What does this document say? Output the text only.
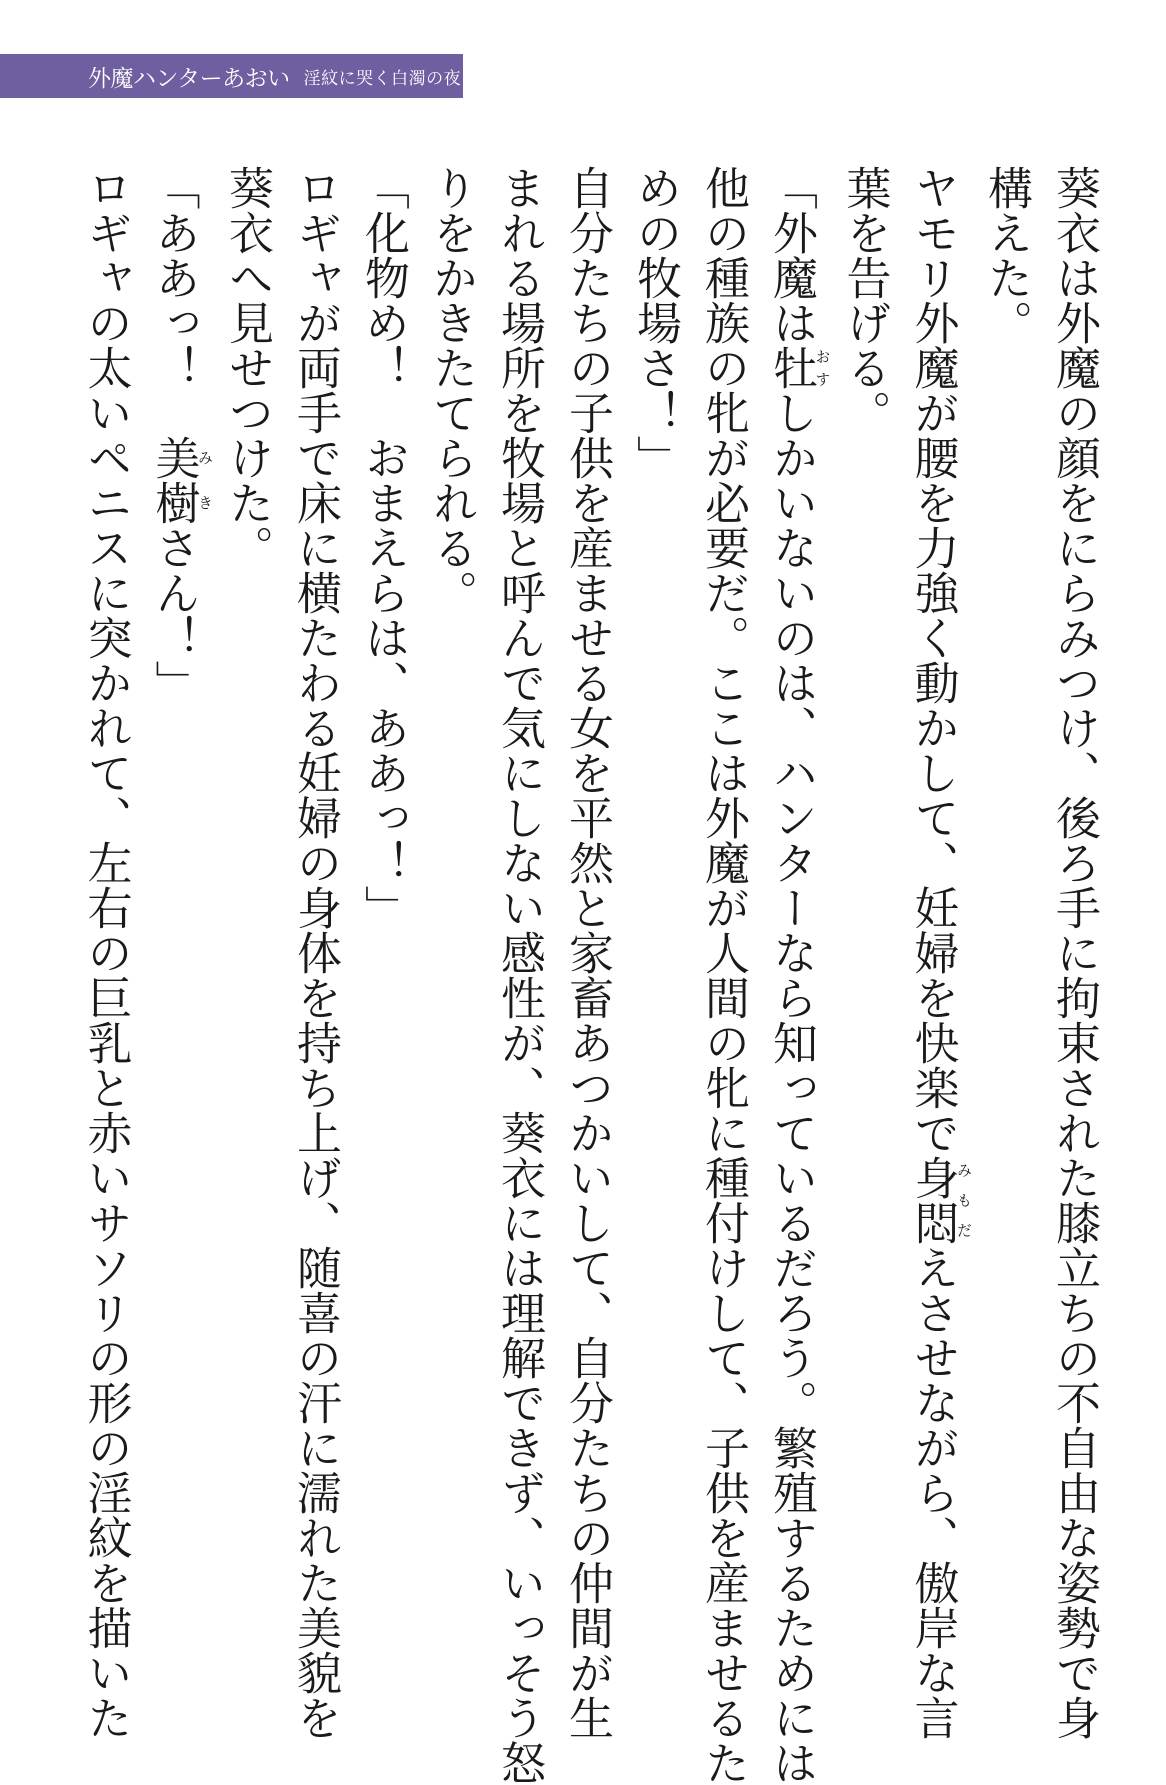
外魔ハンターあおい 淫紋に哭く白濁の夜
葵衣は外魔の顔をにらみつけ、後ろ手に拘束された膝立ちの不自由な姿勢で身
構えた。
ヤモリ外魔が腰を力強く動かして、妊婦を快楽で身悶みもだえさせながら、傲岸な言
葉を告げる。
「外魔は牡おすしかいないのは、ハンターなら知っているだろう。繁殖するためには
他の種族の牝が必要だ。ここは外魔が人間の牝に種付けして、子供を産ませるた
めの牧場さ！」
自分たちの子供を産ませる女を平然と家畜あつかいして、自分たちの仲間が生
まれる場所を牧場と呼んで気にしない感性が、葵衣には理解できず、いっそう怒
りをかきたてられる。
「化物め！　おまえらは、ああっ！」
ロギャが両手で床に横たわる妊婦の身体を持ち上げ、随喜の汗に濡れた美貌を
葵衣へ見せつけた。
「ああっ！　美樹みきさん！」
ロギャの太いペニスに突かれて、左右の巨乳と赤いサソリの形の淫紋を描いた
